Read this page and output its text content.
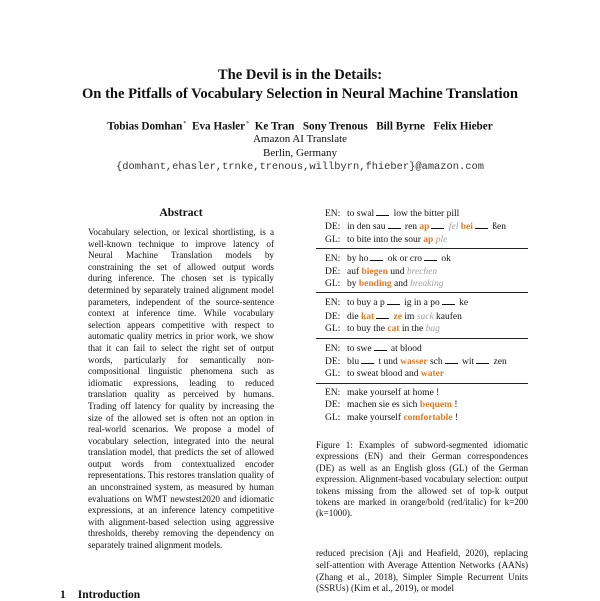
The Devil is in the Details:
On the Pitfalls of Vocabulary Selection in Neural Machine Translation
Tobias Domhan* Eva Hasler* Ke Tran Sony Trenous Bill Byrne Felix Hieber
Amazon AI Translate
Berlin, Germany
{domhant,ehasler,trnke,trenous,willbyrn,fhieber}@amazon.com
Abstract
Vocabulary selection, or lexical shortlisting, is a well-known technique to improve latency of Neural Machine Translation models by constraining the set of allowed output words during inference. The chosen set is typically determined by separately trained alignment model parameters, independent of the source-sentence context at inference time. While vocabulary selection appears competitive with respect to automatic quality metrics in prior work, we show that it can fail to select the right set of output words, particularly for semantically non-compositional linguistic phenomena such as idiomatic expressions, leading to reduced translation quality as perceived by humans. Trading off latency for quality by increasing the size of the allowed set is often not an option in real-world scenarios. We propose a model of vocabulary selection, integrated into the neural translation model, that predicts the set of allowed output words from contextualized encoder representations. This restores translation quality of an unconstrained system, as measured by human evaluations on WMT newstest2020 and idiomatic expressions, at an inference latency competitive with alignment-based selection using aggressive thresholds, thereby removing the dependency on separately trained alignment models.
1 Introduction
EN: to swal low the bitter pill
DE: in den sau ren ap fel bei ßen
GL: to bite into the sour ap ple
EN: by ho ok or cro ok
DE: auf biegen und brechen
GL: by bending and breaking
EN: to buy a p ig in a po ke
DE: die kat ze im sack kaufen
GL: to buy the cat in the bag
EN: to swe at blood
DE: blu t und wasser sch wit zen
GL: to sweat blood and water
EN: make yourself at home !
DE: machen sie es sich bequem !
GL: make yourself comfortable !
Figure 1: Examples of subword-segmented idiomatic expressions (EN) and their German correspondences (DE) as well as an English gloss (GL) of the German expression. Alignment-based vocabulary selection: output tokens missing from the allowed set of top-k output tokens are marked in orange/bold (red/italic) for k=200 (k=1000).
reduced precision (Aji and Heafield, 2020), replacing self-attention with Average Attention Networks (AANs) (Zhang et al., 2018), Simpler Simple Recurrent Units (SSRUs) (Kim et al., 2019), or model
